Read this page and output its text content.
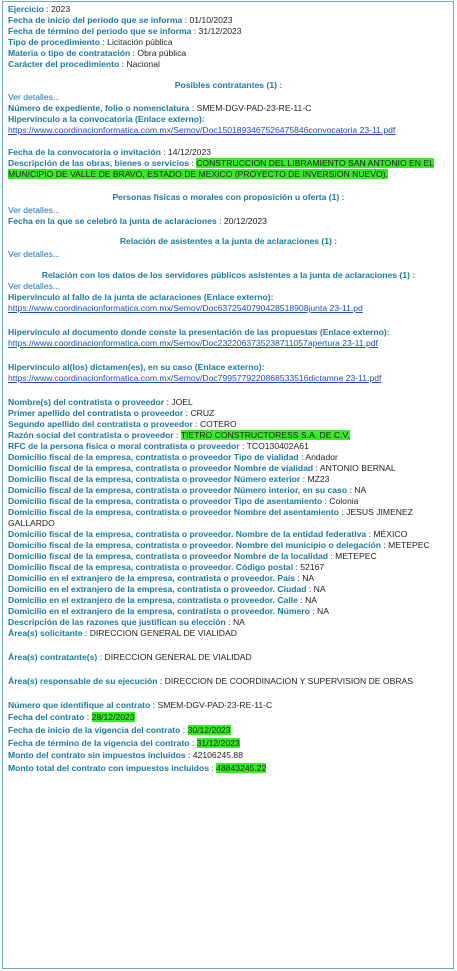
Ejercicio : 2023
Fecha de inicio del periodo que se informa : 01/10/2023
Fecha de término del periodo que se informa : 31/12/2023
Tipo de procedimiento : Licitación pública
Materia o tipo de contratación : Obra pública
Carácter del procedimiento : Nacional
Posibles contratantes (1) :
Ver detalles...
Número de expediente, folio o nomenclatura : SMEM-DGV-PAD-23-RE-11-C
Hipervínculo a la convocatoria (Enlace externo):
https://www.coordinacionformatica.com.mx/Semov/Doc1501893467526475846convocatoria 23-11.pdf
Fecha de la convocatoria o invitación : 14/12/2023
Descripción de las obras, bienes o servicios : CONSTRUCCION DEL LIBRAMIENTO SAN ANTONIO EN EL MUNICIPIO DE VALLE DE BRAVO, ESTADO DE MEXICO (PROYECTO DE INVERSION NUEVO).
Personas físicas o morales con proposición u oferta (1) :
Ver detalles...
Fecha en la que se celebró la junta de aclaraciones : 20/12/2023
Relación de asistentes a la junta de aclaraciones (1) :
Ver detalles...
Relación con los datos de los servidores públicos asistentes a la junta de aclaraciones (1) :
Ver detalles...
Hipervínculo al fallo de la junta de aclaraciones (Enlace externo):
https://www.coordinacionformatica.com.mx/Semov/Doc6372540790428518908junta 23-11.pd
Hipervínculo al documento donde conste la presentación de las propuestas (Enlace externo): https://www.coordinacionformatica.com.mx/Semov/Doc2322063735238711057apertura 23-11.pdf
Hipervínculo al(los) dictamen(es), en su caso (Enlace externo):
https://www.coordinacionformatica.com.mx/Semov/Doc7995779220868533516dictamne 23-11.pdf
Nombre(s) del contratista o proveedor : JOEL
Primer apellido del contratista o proveedor : CRUZ
Segundo apellido del contratista o proveedor : COTERO
Razón social del contratista o proveedor : TIETRO CONSTRUCTORESS S.A. DE C.V.
RFC de la persona física o moral contratista o proveedor : TCO130402A61
Domicilio fiscal de la empresa, contratista o proveedor Tipo de vialidad : Andador
Domicilio fiscal de la empresa, contratista o proveedor Nombre de vialidad : ANTONIO BERNAL
Domicilio fiscal de la empresa, contratista o proveedor Número exterior : MZ23
Domicilio fiscal de la empresa, contratista o proveedor Número interior, en su caso : NA
Domicilio fiscal de la empresa, contratista o proveedor Tipo de asentamiento : Colonia
Domicilio fiscal de la empresa, contratista o proveedor Nombre del asentamiento : JESUS JIMENEZ GALLARDO
Domicilio fiscal de la empresa, contratista o proveedor. Nombre de la entidad federativa : MÉXICO
Domicilio fiscal de la empresa, contratista o proveedor. Nombre del municipio o delegación : METEPEC
Domicilio fiscal de la empresa, contratista o proveedor Nombre de la localidad : METEPEC
Domicilio fiscal de la empresa, contratista o proveedor. Código postal : 52167
Domicilio en el extranjero de la empresa, contratista o proveedor. País : NA
Domicilio en el extranjero de la empresa, contratista o proveedor. Ciudad : NA
Domicilio en el extranjero de la empresa, contratista o proveedor. Calle : NA
Domicilio en el extranjero de la empresa, contratista o proveedor. Número : NA
Descripción de las razones que justifican su elección : NA
Área(s) solicitante : DIRECCION GENERAL DE VIALIDAD
Área(s) contratante(s) : DIRECCION GENERAL DE VIALIDAD
Área(s) responsable de su ejecución : DIRECCION DE COORDINACION Y SUPERVISION DE OBRAS
Número que identifique al contrato : SMEM-DGV-PAD-23-RE-11-C
Fecha del contrato : 28/12/2023
Fecha de inicio de la vigencia del contrato : 30/12/2023
Fecha de término de la vigencia del contrato : 31/12/2023
Monto del contrato sin impuestos incluidos : 42106245.88
Monto total del contrato con impuestos incluidos : 48843245.22
